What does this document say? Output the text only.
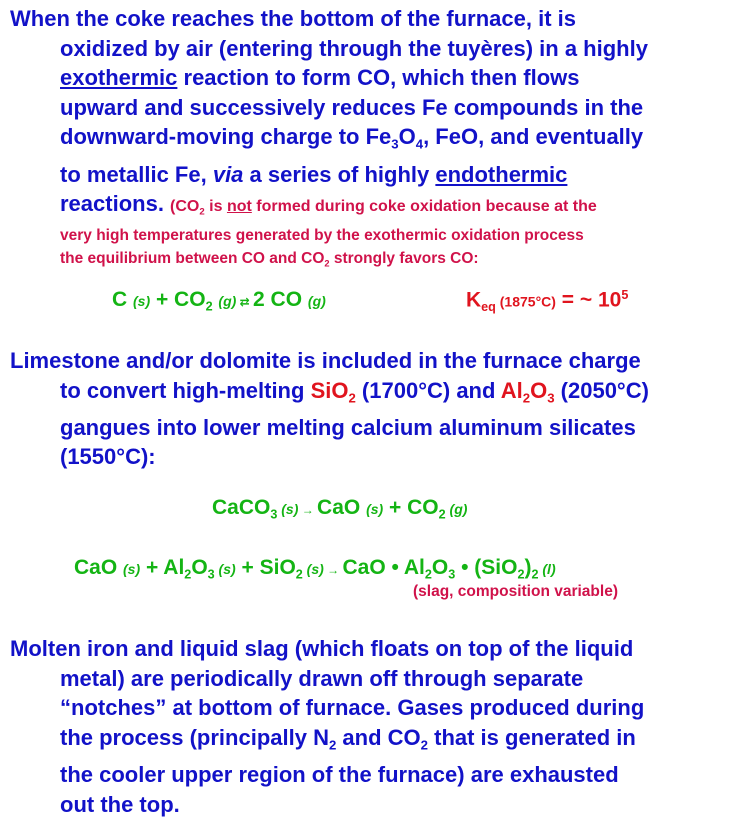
When the coke reaches the bottom of the furnace, it is
oxidized by air (entering through the tuyères) in a highly
exothermic reaction to form CO, which then flows
upward and successively reduces Fe compounds in the
downward-moving charge to $Fe_3O_4$, FeO, and eventually
to metallic Fe, via a series of highly endothermic
reactions. ($CO_2$ is not formed during coke oxidation because at the
very high temperatures generated by the exothermic oxidation process
the equilibrium between CO and $CO_2$ strongly favors CO:
C $(s) + CO_2$ (g) ⇄ 2 CO (g)	$K_{eq}$ (1875°C) = ~ $10^5$
Limestone and/or dolomite is included in the furnace charge
to convert high-melting SiO$_2$ (1700°C) and $Al_2O_3$ (2050°C)
gangues into lower melting calcium aluminum silicates
(1550°C):
CaCO$_3$ (s) → CaO $(s) + CO_2$ (g)
CaO $(s) + Al_2O_3$ (s) + SiO$_2$ (s) → CaO • $Al_2O_3$ • $(SiO_2)_2$ (l)
(slag, composition variable)
Molten iron and liquid slag (which floats on top of the liquid
metal) are periodically drawn off through separate
“notches” at bottom of furnace. Gases produced during
the process (principally $N_2$ and $CO_2$ that is generated in
the cooler upper region of the furnace) are exhausted
out the top.
